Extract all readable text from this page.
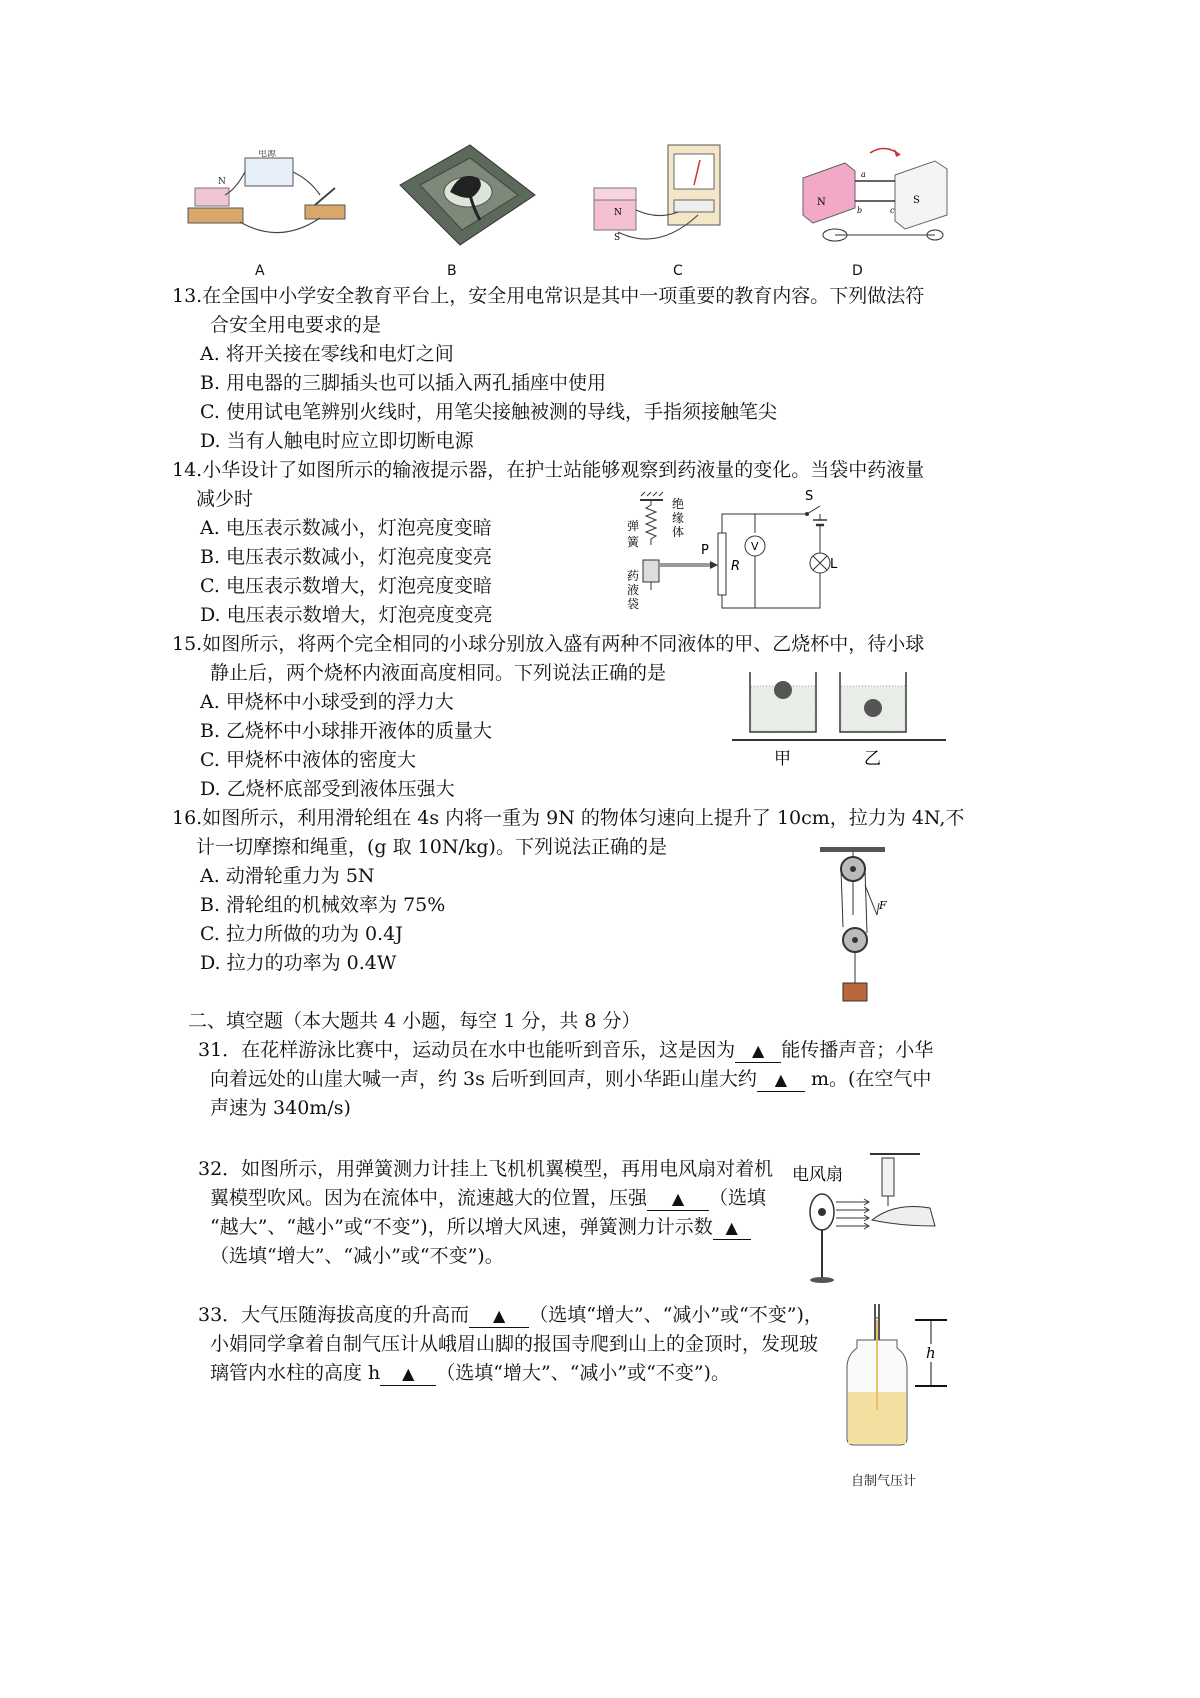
电源
N
N
S
N	S
a
b	c
A	B	C	D
13.在全国中小学安全教育平台上，安全用电常识是其中一项重要的教育内容。下列做法符
合安全用电要求的是
A. 将开关接在零线和电灯之间
B. 用电器的三脚插头也可以插入两孔插座中使用
C. 使用试电笔辨别火线时，用笔尖接触被测的导线，手指须接触笔尖
D. 当有人触电时应立即切断电源
14.小华设计了如图所示的输液提示器，在护士站能够观察到药液量的变化。当袋中药液量
减少时
A. 电压表示数减小，灯泡亮度变暗
B. 电压表示数减小，灯泡亮度变亮
C. 电压表示数增大，灯泡亮度变暗
D. 电压表示数增大，灯泡亮度变亮
弹
簧
药
液
袋
绝
缘
体
P
R
V
S
L
15.如图所示，将两个完全相同的小球分别放入盛有两种不同液体的甲、乙烧杯中，待小球
静止后，两个烧杯内液面高度相同。下列说法正确的是
A. 甲烧杯中小球受到的浮力大
B. 乙烧杯中小球排开液体的质量大
C. 甲烧杯中液体的密度大
D. 乙烧杯底部受到液体压强大
甲	乙
16.如图所示，利用滑轮组在 4s 内将一重为 9N 的物体匀速向上提升了 10cm，拉力为 4N,不
计一切摩擦和绳重，(g 取 10N/kg)。下列说法正确的是
A. 动滑轮重力为 5N
B. 滑轮组的机械效率为 75%
C. 拉力所做的功为 0.4J
D. 拉力的功率为 0.4W
F
二、填空题（本大题共 4 小题，每空 1 分，共 8 分）
31．在花样游泳比赛中，运动员在水中也能听到音乐，这是因为 ▲ 能传播声音；小华
向着远处的山崖大喊一声，约 3s 后听到回声，则小华距山崖大约 ▲ m。(在空气中
声速为 340m/s)
32．如图所示，用弹簧测力计挂上飞机机翼模型，再用电风扇对着机
翼模型吹风。因为在流体中，流速越大的位置，压强 ▲ （选填
“越大”、“越小”或“不变”)，所以增大风速，弹簧测力计示数 ▲
（选填“增大”、“减小”或“不变”)。
电风扇
33．大气压随海拔高度的升高而 ▲ （选填“增大”、“减小”或“不变”)，
小娟同学拿着自制气压计从峨眉山脚的报国寺爬到山上的金顶时，发现玻
璃管内水柱的高度 h ▲ （选填“增大”、“减小”或“不变”)。
h
自制气压计
